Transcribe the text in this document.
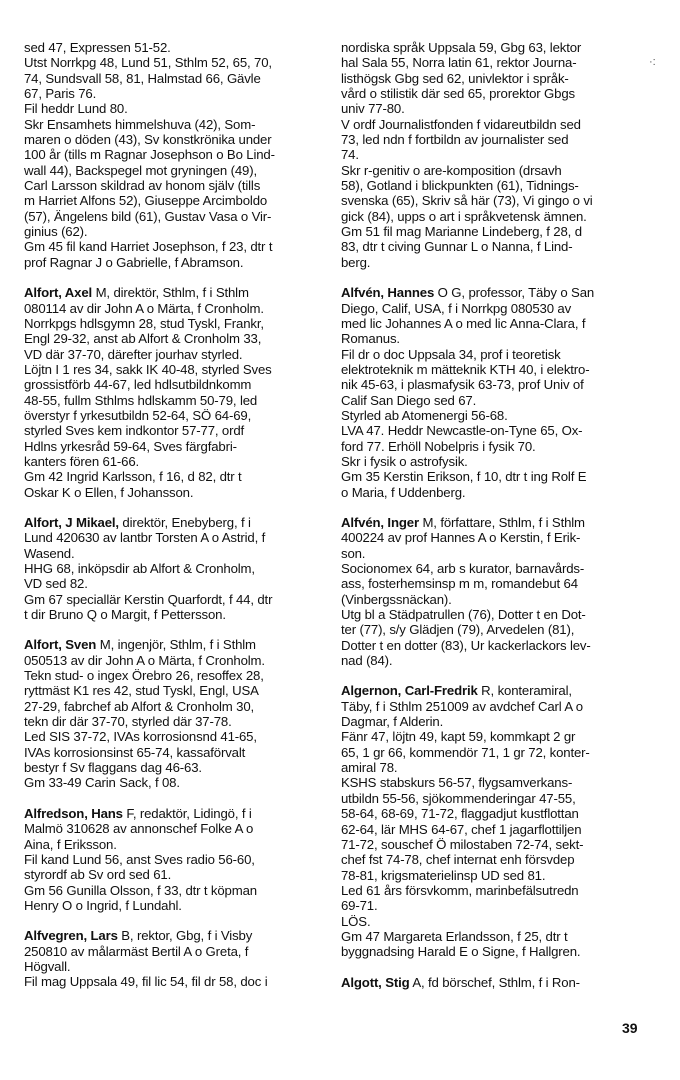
sed 47, Expressen 51-52.
Utst Norrkpg 48, Lund 51, Sthlm 52, 65, 70,
74, Sundsvall 58, 81, Halmstad 66, Gävle
67, Paris 76.
Fil heddr Lund 80.
Skr Ensamhets himmelshuva (42), Som-
maren o döden (43), Sv konstkrönika under
100 år (tills m Ragnar Josephson o Bo Lind-
wall 44), Backspegel mot gryningen (49),
Carl Larsson skildrad av honom själv (tills
m Harriet Alfons 52), Giuseppe Arcimboldo
(57), Ängelens bild (61), Gustav Vasa o Vir-
ginius (62).
Gm 45 fil kand Harriet Josephson, f 23, dtr t
prof Ragnar J o Gabrielle, f Abramson.
Alfort, Axel M, direktör, Sthlm, f i Sthlm
080114 av dir John A o Märta, f Cronholm.
Norrkpgs hdlsgymn 28, stud Tyskl, Frankr,
Engl 29-32, anst ab Alfort & Cronholm 33,
VD där 37-70, därefter jourhav styrled.
Löjtn I 1 res 34, sakk IK 40-48, styrled Sves
grossistförb 44-67, led hdlsutbildnkomm
48-55, fullm Sthlms hdlskamm 50-79, led
överstyr f yrkesutbildn 52-64, SÖ 64-69,
styrled Sves kem indkontor 57-77, ordf
Hdlns yrkesråd 59-64, Sves färgfabri-
kanters fören 61-66.
Gm 42 Ingrid Karlsson, f 16, d 82, dtr t
Oskar K o Ellen, f Johansson.
Alfort, J Mikael, direktör, Enebyberg, f i
Lund 420630 av lantbr Torsten A o Astrid, f
Wasend.
HHG 68, inköpsdir ab Alfort & Cronholm,
VD sed 82.
Gm 67 speciallär Kerstin Quarfordt, f 44, dtr
t dir Bruno Q o Margit, f Pettersson.
Alfort, Sven M, ingenjör, Sthlm, f i Sthlm
050513 av dir John A o Märta, f Cronholm.
Tekn stud- o ingex Örebro 26, resoffex 28,
ryttmäst K1 res 42, stud Tyskl, Engl, USA
27-29, fabrchef ab Alfort & Cronholm 30,
tekn dir där 37-70, styrled där 37-78.
Led SIS 37-72, IVAs korrosionsnd 41-65,
IVAs korrosionsinst 65-74, kassaförvalt
bestyr f Sv flaggans dag 46-63.
Gm 33-49 Carin Sack, f 08.
Alfredson, Hans F, redaktör, Lidingö, f i
Malmö 310628 av annonschef Folke A o
Aina, f Eriksson.
Fil kand Lund 56, anst Sves radio 56-60,
styrordf ab Sv ord sed 61.
Gm 56 Gunilla Olsson, f 33, dtr t köpman
Henry O o Ingrid, f Lundahl.
Alfvegren, Lars B, rektor, Gbg, f i Visby
250810 av målarmäst Bertil A o Greta, f
Högvall.
Fil mag Uppsala 49, fil lic 54, fil dr 58, doc i
nordiska språk Uppsala 59, Gbg 63, lektor
hal Sala 55, Norra latin 61, rektor Journa-
listhögsk Gbg sed 62, univlektor i språk-
vård o stilistik där sed 65, prorektor Gbgs
univ 77-80.
V ordf Journalistfonden f vidareutbildn sed
73, led ndn f fortbildn av journalister sed
74.
Skr r-genitiv o are-komposition (drsavh
58), Gotland i blickpunkten (61), Tidnings-
svenska (65), Skriv så här (73), Vi gingo o vi
gick (84), upps o art i språkvetensk ämnen.
Gm 51 fil mag Marianne Lindeberg, f 28, d
83, dtr t civing Gunnar L o Nanna, f Lind-
berg.
Alfvén, Hannes O G, professor, Täby o San
Diego, Calif, USA, f i Norrkpg 080530 av
med lic Johannes A o med lic Anna-Clara, f
Romanus.
Fil dr o doc Uppsala 34, prof i teoretisk
elektroteknik m mätteknik KTH 40, i elektro-
nik 45-63, i plasmafysik 63-73, prof Univ of
Calif San Diego sed 67.
Styrled ab Atomenergi 56-68.
LVA 47. Heddr Newcastle-on-Tyne 65, Ox-
ford 77. Erhöll Nobelpris i fysik 70.
Skr i fysik o astrofysik.
Gm 35 Kerstin Erikson, f 10, dtr t ing Rolf E
o Maria, f Uddenberg.
Alfvén, Inger M, författare, Sthlm, f i Sthlm
400224 av prof Hannes A o Kerstin, f Erik-
son.
Socionomex 64, arb s kurator, barnavårds-
ass, fosterhemsinsp m m, romandebut 64
(Vinbergssnäckan).
Utg bl a Städpatrullen (76), Dotter t en Dot-
ter (77), s/y Glädjen (79), Arvedelen (81),
Dotter t en dotter (83), Ur kackerlackors lev-
nad (84).
Algernon, Carl-Fredrik R, konteramiral,
Täby, f i Sthlm 251009 av avdchef Carl A o
Dagmar, f Alderin.
Fänr 47, löjtn 49, kapt 59, kommkapt 2 gr
65, 1 gr 66, kommendör 71, 1 gr 72, konter-
amiral 78.
KSHS stabskurs 56-57, flygsamverkans-
utbildn 55-56, sjökommenderingar 47-55,
58-64, 68-69, 71-72, flaggadjut kustflottan
62-64, lär MHS 64-67, chef 1 jagarflottiljen
71-72, souschef Ö milostaben 72-74, sekt-
chef fst 74-78, chef internat enh försvdep
78-81, krigsmaterielinsp UD sed 81.
Led 61 års försvkomm, marinbefälsutredn
69-71.
LÖS.
Gm 47 Margareta Erlandsson, f 25, dtr t
byggnadsing Harald E o Signe, f Hallgren.
Algott, Stig A, fd börschef, Sthlm, f i Ron-
·:
39
